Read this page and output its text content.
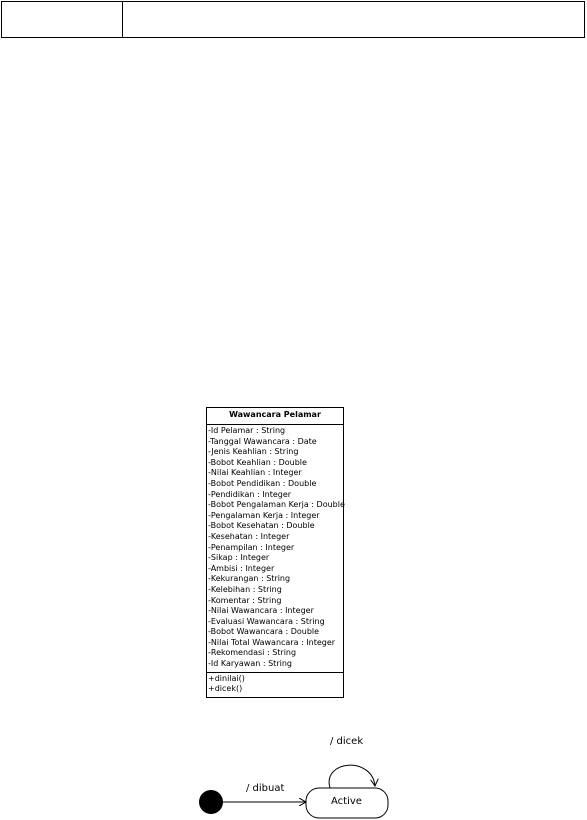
Wawancara Pelamar
-Id Pelamar : String
-Tanggal Wawancara : Date
-Jenis Keahlian : String
-Bobot Keahlian : Double
-Nilai Keahlian : Integer
-Bobot Pendidikan : Double
-Pendidikan : Integer
-Bobot Pengalaman Kerja : Double
-Pengalaman Kerja : Integer
-Bobot Kesehatan : Double
-Kesehatan : Integer
-Penampilan : Integer
-Sikap : Integer
-Ambisi : Integer
-Kekurangan : String
-Kelebihan : String
-Komentar : String
-Nilai Wawancara : Integer
-Evaluasi Wawancara : String
-Bobot Wawancara : Double
-Nilai Total Wawancara : Integer
-Rekomendasi : String
-Id Karyawan : String
+dinilai()
+dicek()
Active
/ dibuat
/ dicek
